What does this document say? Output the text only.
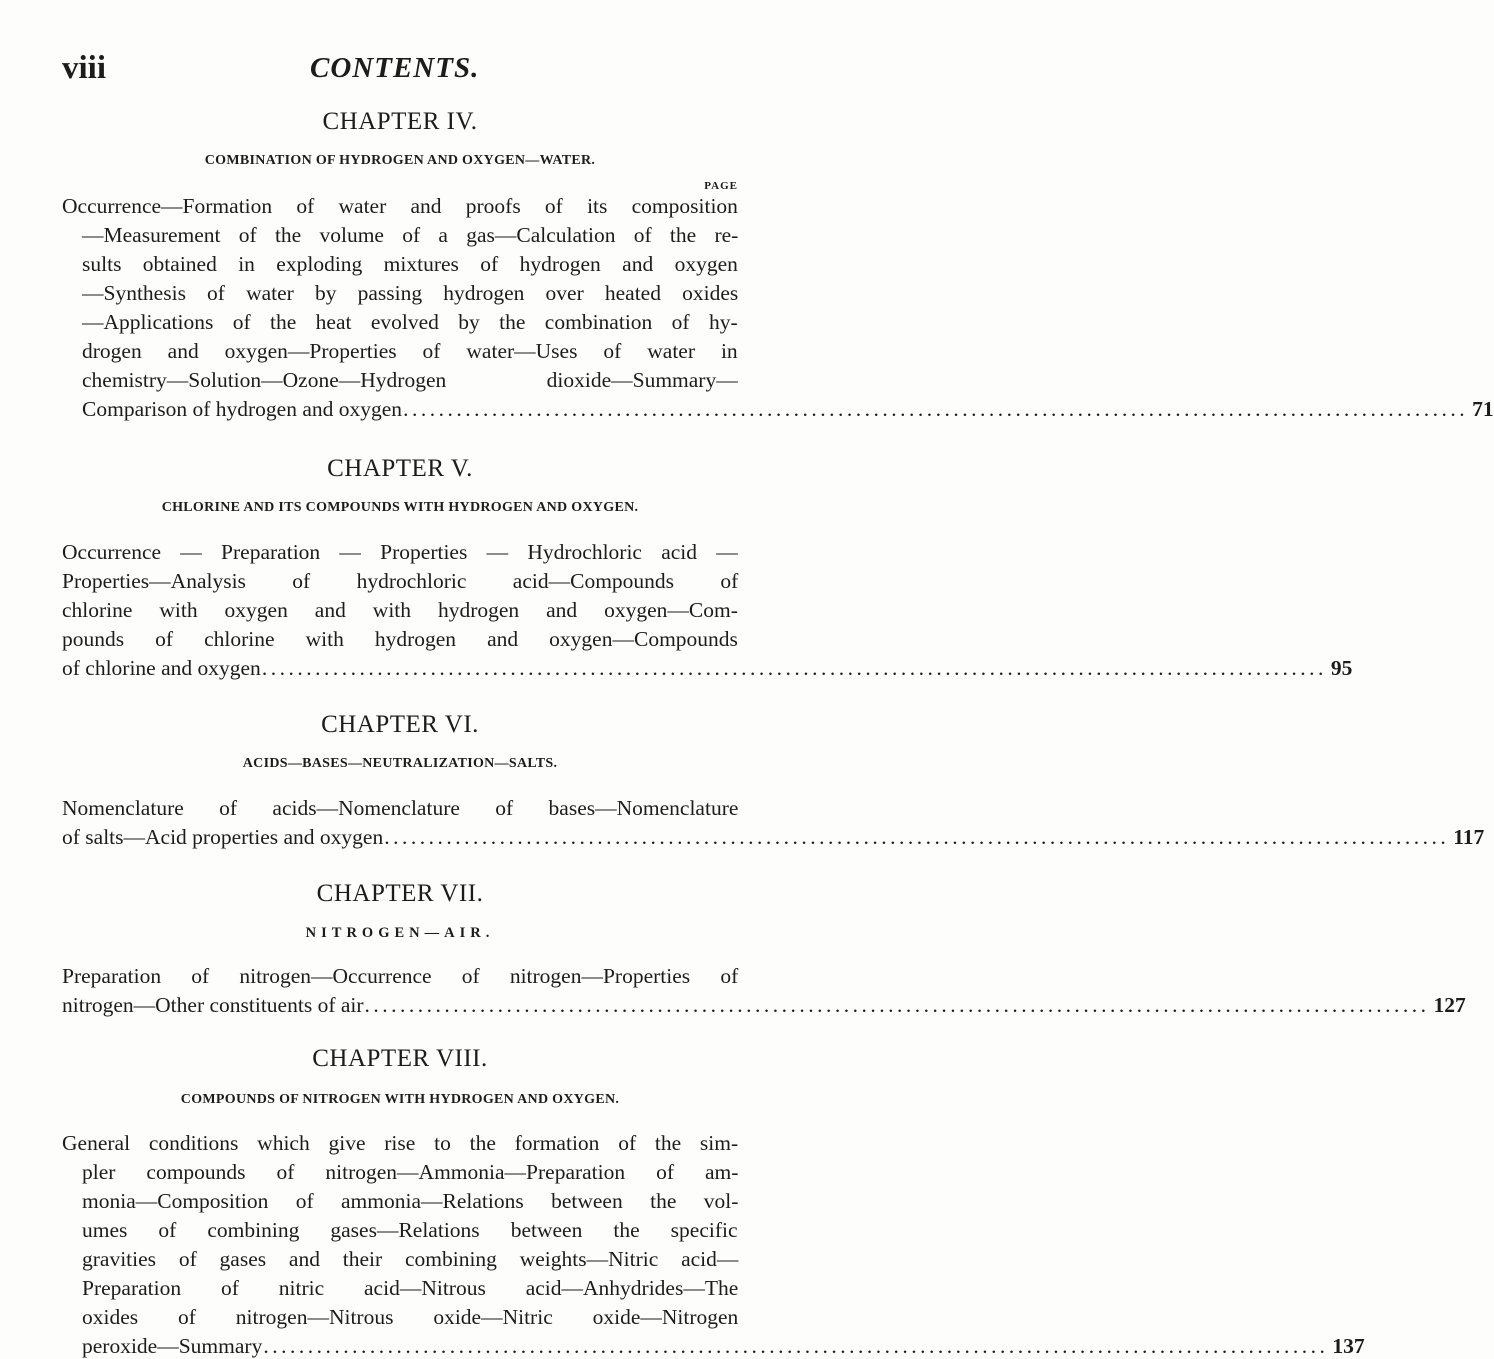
viii	CONTENTS.
CHAPTER IV.
COMBINATION OF HYDROGEN AND OXYGEN—WATER.
PAGE
Occurrence—Formation of water and proofs of its composition
—Measurement of the volume of a gas—Calculation of the re-
sults obtained in exploding mixtures of hydrogen and oxygen
—Synthesis of water by passing hydrogen over heated oxides
—Applications of the heat evolved by the combination of hy-
drogen and oxygen—Properties of water—Uses of water in
chemistry—Solution—Ozone—Hydrogen dioxide—Summary—
Comparison of hydrogen and oxygen ........................................................................................................................ 71
CHAPTER V.
CHLORINE AND ITS COMPOUNDS WITH HYDROGEN AND OXYGEN.
Occurrence — Preparation — Properties — Hydrochloric acid —
Properties—Analysis of hydrochloric acid—Compounds of
chlorine with oxygen and with hydrogen and oxygen—Com-
pounds of chlorine with hydrogen and oxygen—Compounds
of chlorine and oxygen ........................................................................................................................ 95
CHAPTER VI.
ACIDS—BASES—NEUTRALIZATION—SALTS.
Nomenclature of acids—Nomenclature of bases—Nomenclature
of salts—Acid properties and oxygen ........................................................................................................................ 117
CHAPTER VII.
NITROGEN—AIR.
Preparation of nitrogen—Occurrence of nitrogen—Properties of
nitrogen—Other constituents of air ........................................................................................................................ 127
CHAPTER VIII.
COMPOUNDS OF NITROGEN WITH HYDROGEN AND OXYGEN.
General conditions which give rise to the formation of the sim-
pler compounds of nitrogen—Ammonia—Preparation of am-
monia—Composition of ammonia—Relations between the vol-
umes of combining gases—Relations between the specific
gravities of gases and their combining weights—Nitric acid—
Preparation of nitric acid—Nitrous acid—Anhydrides—The
oxides of nitrogen—Nitrous oxide—Nitric oxide—Nitrogen
peroxide—Summary ........................................................................................................................ 137
